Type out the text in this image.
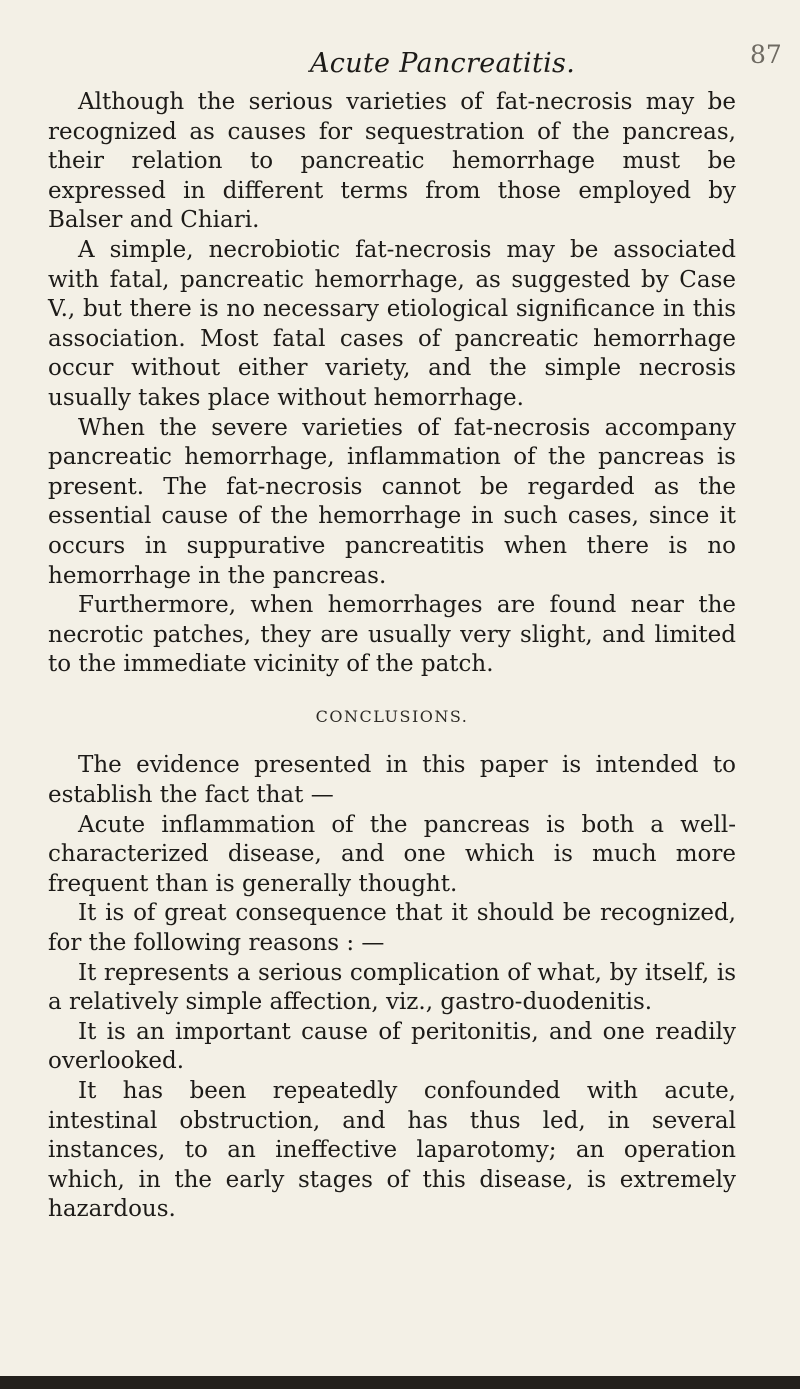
Acute Pancreatitis.	87

Although the serious varieties of fat-necrosis may be recognized as causes for sequestration of the pancreas, their relation to pancreatic hemorrhage must be expressed in different terms from those employed by Balser and Chiari.

A simple, necrobiotic fat-necrosis may be associated with fatal, pancreatic hemorrhage, as suggested by Case V., but there is no necessary etiological significance in this association. Most fatal cases of pancreatic hemorrhage occur without either variety, and the simple necrosis usually takes place without hemorrhage.

When the severe varieties of fat-necrosis accompany pancreatic hemorrhage, inflammation of the pancreas is present. The fat-necrosis cannot be regarded as the essential cause of the hemorrhage in such cases, since it occurs in suppurative pancreatitis when there is no hemorrhage in the pancreas.

Furthermore, when hemorrhages are found near the necrotic patches, they are usually very slight, and limited to the immediate vicinity of the patch.

CONCLUSIONS.

The evidence presented in this paper is intended to establish the fact that —

Acute inflammation of the pancreas is both a well-characterized disease, and one which is much more frequent than is generally thought.

It is of great consequence that it should be recognized, for the following reasons : —

It represents a serious complication of what, by itself, is a relatively simple affection, viz., gastro-duodenitis.

It is an important cause of peritonitis, and one readily overlooked.

It has been repeatedly confounded with acute, intestinal obstruction, and has thus led, in several instances, to an ineffective laparotomy; an operation which, in the early stages of this disease, is extremely hazardous.
